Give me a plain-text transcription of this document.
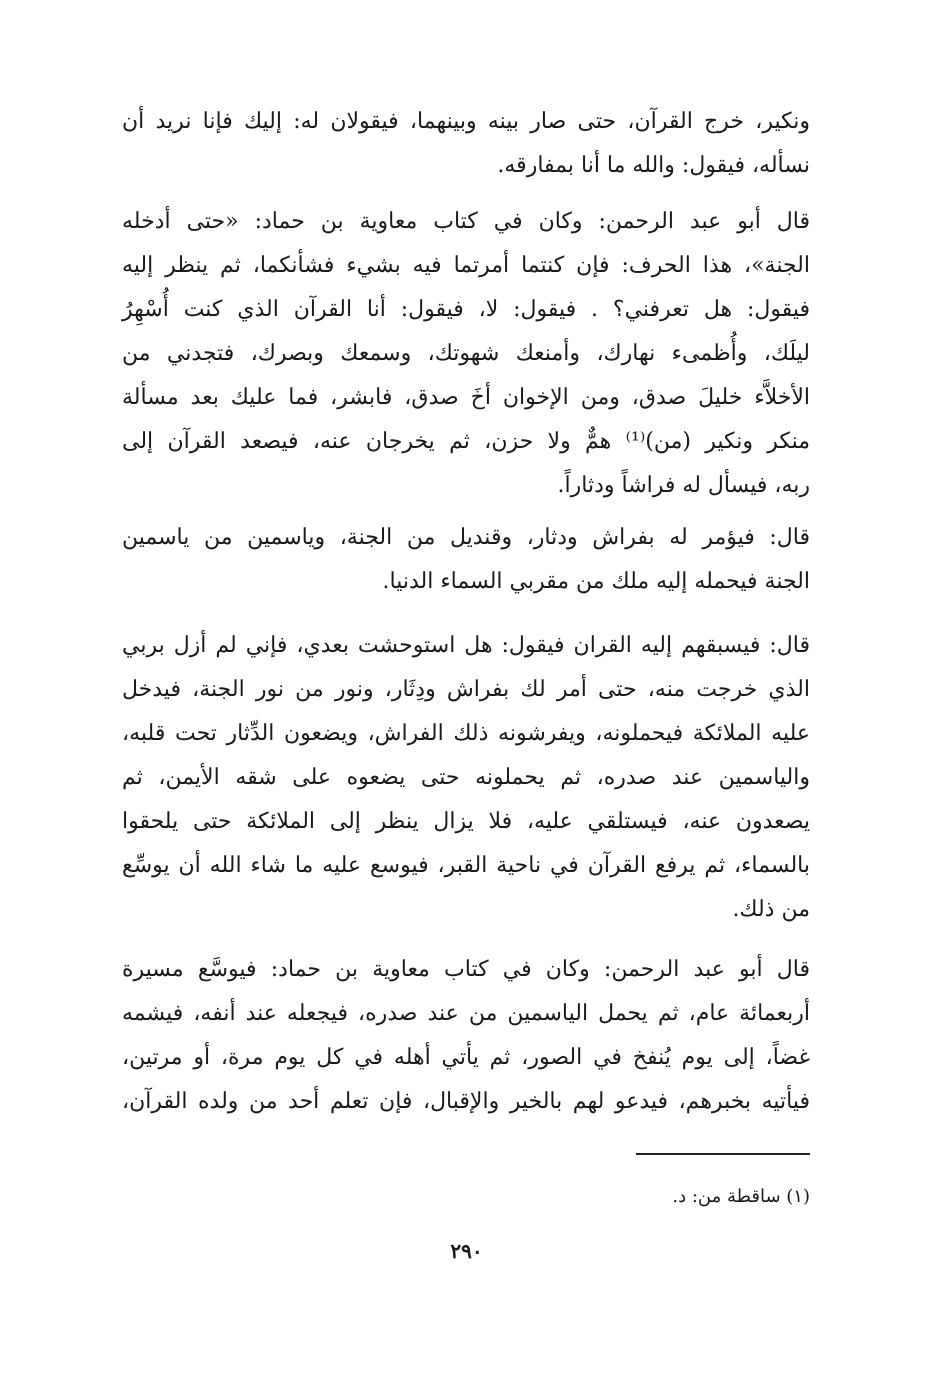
ونكير، خرج القرآن، حتى صار بينه وبينهما، فيقولان له: إليك فإنا نريد أن
نسأله، فيقول: والله ما أنا بمفارقه.
قال أبو عبد الرحمن: وكان في كتاب معاوية بن حماد: «حتى أدخله
الجنة»، هذا الحرف: فإن كنتما أمرتما فيه بشيء فشأنكما، ثم ينظر إليه
فيقول: هل تعرفني؟ . فيقول: لا، فيقول: أنا القرآن الذي كنت أُسْهِرُ
ليلَك، وأُظمىء نهارك، وأمنعك شهوتك، وسمعك وبصرك، فتجدني من
الأخلاَّء خليلَ صدق، ومن الإخوان أخَ صدق، فابشر، فما عليك بعد مسألة
منكر ونكير (من)⁽¹⁾ همٌّ ولا حزن، ثم يخرجان عنه، فيصعد القرآن إلى
ربه، فيسأل له فراشاً ودثاراً.
قال: فيؤمر له بفراش ودثار، وقنديل من الجنة، وياسمين من ياسمين
الجنة فيحمله إليه ملك من مقربي السماء الدنيا.
قال: فيسبقهم إليه القران فيقول: هل استوحشت بعدي، فإني لم أزل بربي
الذي خرجت منه، حتى أمر لك بفراش ودِثَار، ونور من نور الجنة، فيدخل
عليه الملائكة فيحملونه، ويفرشونه ذلك الفراش، ويضعون الدِّثار تحت قلبه،
والياسمين عند صدره، ثم يحملونه حتى يضعوه على شقه الأيمن، ثم
يصعدون عنه، فيستلقي عليه، فلا يزال ينظر إلى الملائكة حتى يلحقوا
بالسماء، ثم يرفع القرآن في ناحية القبر، فيوسع عليه ما شاء الله أن يوسِّع
من ذلك.
قال أبو عبد الرحمن: وكان في كتاب معاوية بن حماد: فيوسَّع مسيرة
أربعمائة عام، ثم يحمل الياسمين من عند صدره، فيجعله عند أنفه، فيشمه
غضاً، إلى يوم يُنفخ في الصور، ثم يأتي أهله في كل يوم مرة، أو مرتين،
فيأتيه بخبرهم، فيدعو لهم بالخير والإقبال، فإن تعلم أحد من ولده القرآن،
(١) ساقطة من: د.
٢٩٠
